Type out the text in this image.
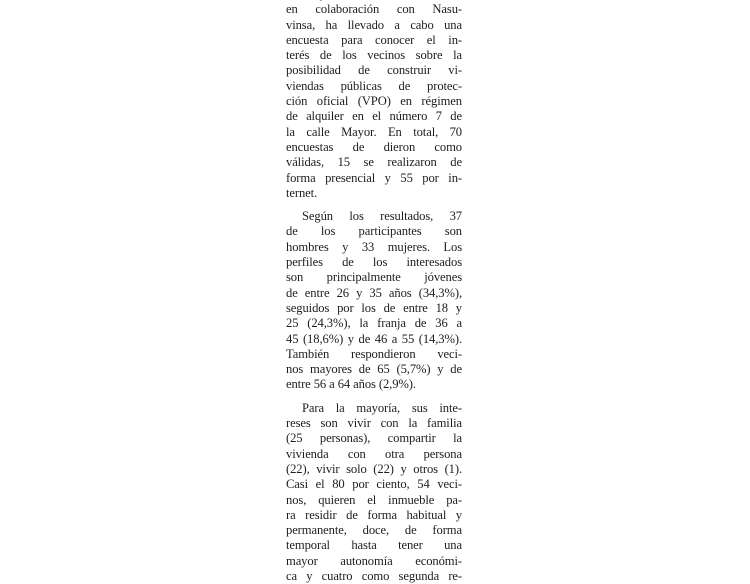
en colaboración con Nasu-
vinsa, ha llevado a cabo una
encuesta para conocer el in-
terés de los vecinos sobre la
posibilidad de construir vi-
viendas públicas de protec-
ción oficial (VPO) en régimen
de alquiler en el número 7 de
la calle Mayor. En total, 70
encuestas de dieron como
válidas, 15 se realizaron de
forma presencial y 55 por in-
ternet.
Según los resultados, 37
de los participantes son
hombres y 33 mujeres. Los
perfiles de los interesados
son principalmente jóvenes
de entre 26 y 35 años (34,3%),
seguidos por los de entre 18 y
25 (24,3%), la franja de 36 a
45 (18,6%) y de 46 a 55 (14,3%).
También respondieron veci-
nos mayores de 65 (5,7%) y de
entre 56 a 64 años (2,9%).
Para la mayoría, sus inte-
reses son vivir con la familia
(25 personas), compartir la
vivienda con otra persona
(22), vivir solo (22) y otros (1).
Casi el 80 por ciento, 54 veci-
nos, quieren el inmueble pa-
ra residir de forma habitual y
permanente, doce, de forma
temporal hasta tener una
mayor autonomía económi-
ca y cuatro como segunda re-
